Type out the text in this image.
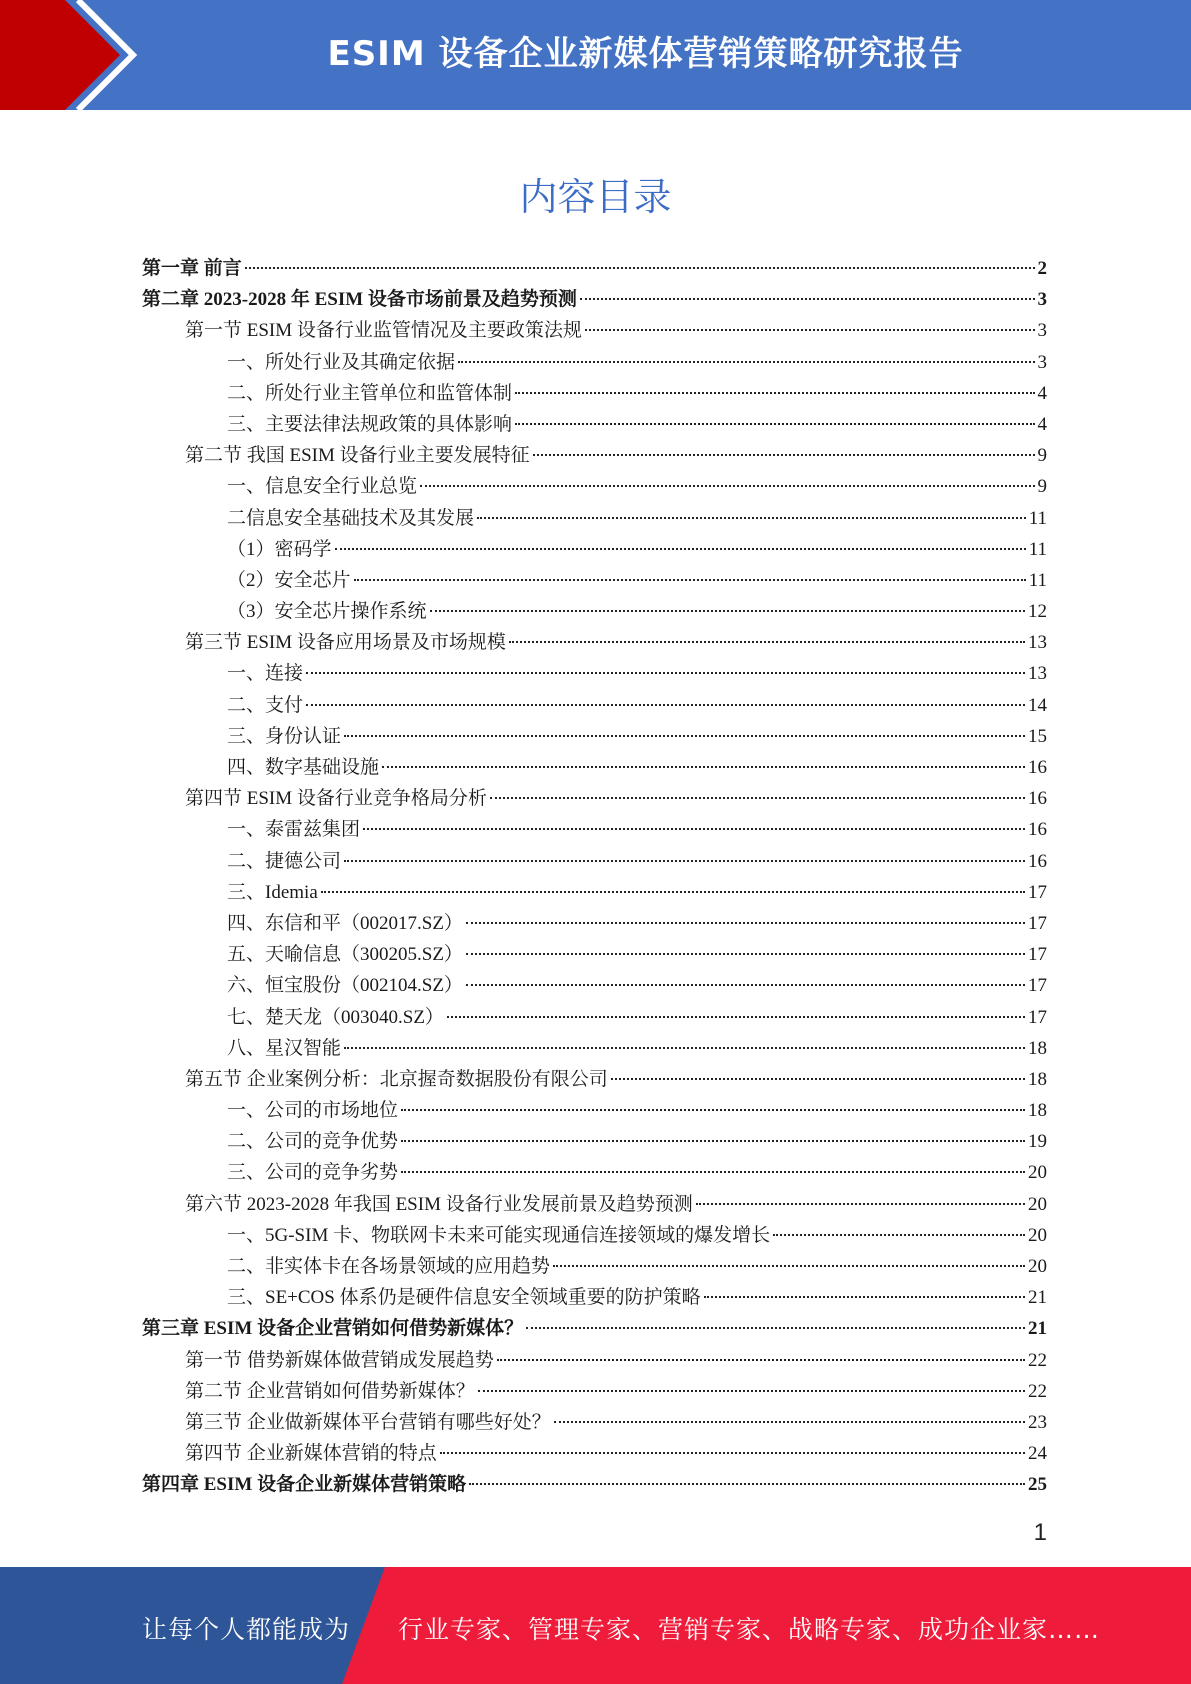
ESIM 设备企业新媒体营销策略研究报告
内容目录
第一章 前言	2
第二章 2023-2028 年 ESIM 设备市场前景及趋势预测	3
第一节 ESIM 设备行业监管情况及主要政策法规	3
一、所处行业及其确定依据	3
二、所处行业主管单位和监管体制	4
三、主要法律法规政策的具体影响	4
第二节 我国 ESIM 设备行业主要发展特征	9
一、信息安全行业总览	9
二信息安全基础技术及其发展	11
（1）密码学	11
（2）安全芯片	11
（3）安全芯片操作系统	12
第三节 ESIM 设备应用场景及市场规模	13
一、连接	13
二、支付	14
三、身份认证	15
四、数字基础设施	16
第四节 ESIM 设备行业竞争格局分析	16
一、泰雷兹集团	16
二、捷德公司	16
三、Idemia	17
四、东信和平（002017.SZ）	17
五、天喻信息（300205.SZ）	17
六、恒宝股份（002104.SZ）	17
七、楚天龙（003040.SZ）	17
八、星汉智能	18
第五节 企业案例分析：北京握奇数据股份有限公司	18
一、公司的市场地位	18
二、公司的竞争优势	19
三、公司的竞争劣势	20
第六节 2023-2028 年我国 ESIM 设备行业发展前景及趋势预测	20
一、5G-SIM 卡、物联网卡未来可能实现通信连接领域的爆发增长	20
二、非实体卡在各场景领域的应用趋势	20
三、SE+COS 体系仍是硬件信息安全领域重要的防护策略	21
第三章 ESIM 设备企业营销如何借势新媒体？	21
第一节 借势新媒体做营销成发展趋势	22
第二节 企业营销如何借势新媒体？	22
第三节 企业做新媒体平台营销有哪些好处？	23
第四节 企业新媒体营销的特点	24
第四章 ESIM 设备企业新媒体营销策略	25
1
让每个人都能成为 行业专家、管理专家、营销专家、战略专家、成功企业家……
